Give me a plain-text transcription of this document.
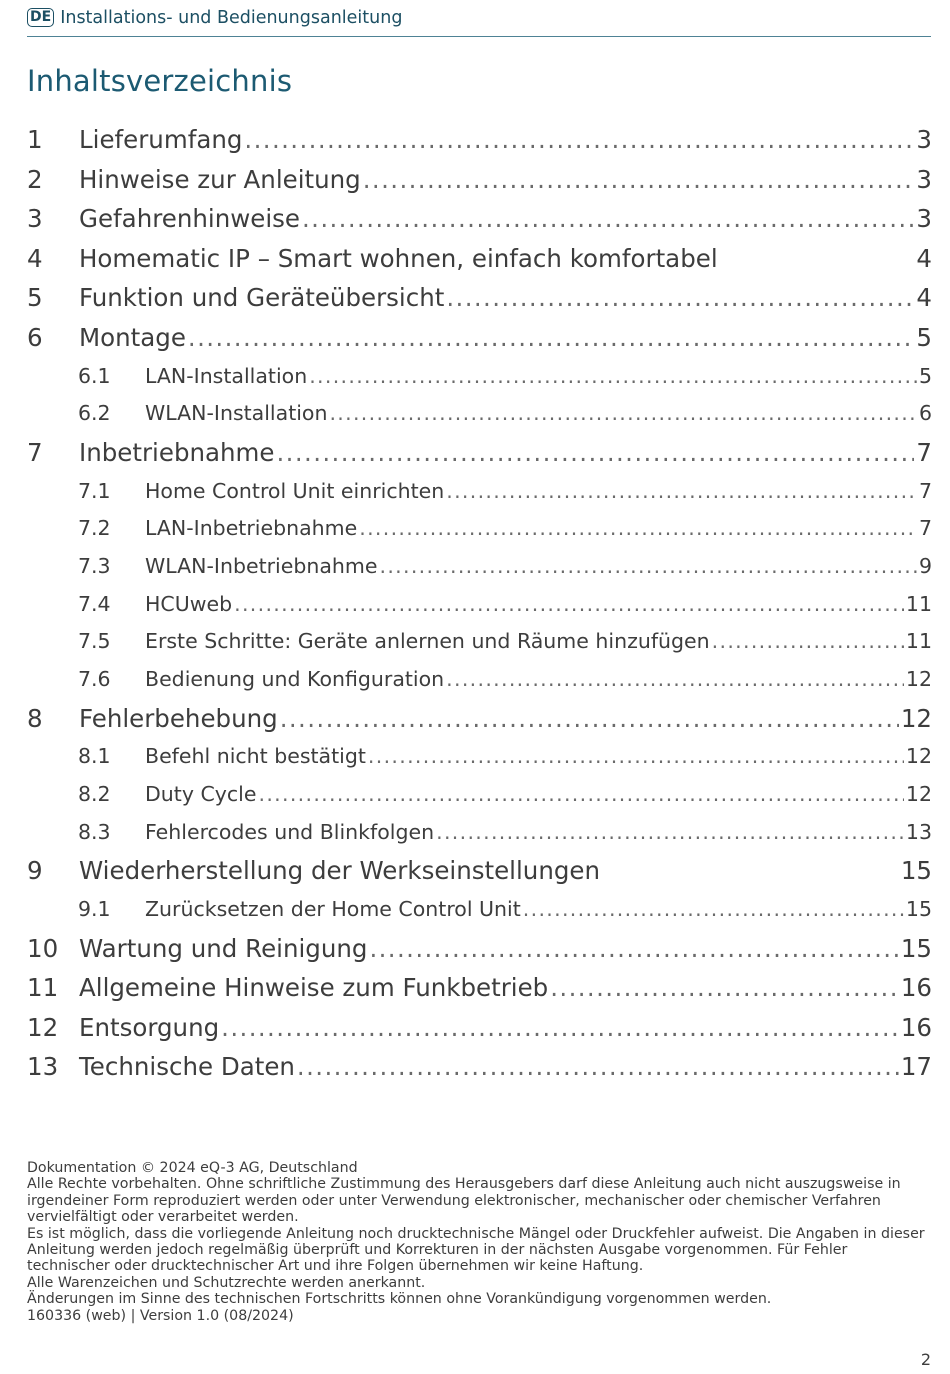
DE Installations- und Bedienungsanleitung
Inhaltsverzeichnis
1	Lieferumfang . . .	3
2	Hinweise zur Anleitung . . .	3
3	Gefahrenhinweise . . .	3
4	Homematic IP – Smart wohnen, einfach komfortabel	4
5	Funktion und Geräteübersicht . . .	4
6	Montage . . .	5
6.1	LAN-Installation . . .	5
6.2	WLAN-Installation . . .	6
7	Inbetriebnahme . . .	7
7.1	Home Control Unit einrichten . . .	7
7.2	LAN-Inbetriebnahme . . .	7
7.3	WLAN-Inbetriebnahme . . .	9
7.4	HCUweb . . .	11
7.5	Erste Schritte: Geräte anlernen und Räume hinzufügen . . .	11
7.6	Bedienung und Konfiguration . . .	12
8	Fehlerbehebung . . .	12
8.1	Befehl nicht bestätigt . . .	12
8.2	Duty Cycle . . .	12
8.3	Fehlercodes und Blinkfolgen . . .	13
9	Wiederherstellung der Werkseinstellungen	15
9.1	Zurücksetzen der Home Control Unit . . .	15
10 Wartung und Reinigung . . .	15
11 Allgemeine Hinweise zum Funkbetrieb . . .	16
12 Entsorgung . . .	16
13 Technische Daten . . .	17

Dokumentation © 2024 eQ-3 AG, Deutschland

Alle Rechte vorbehalten. Ohne schriftliche Zustimmung des Herausgebers darf diese Anleitung auch nicht auszugsweise in irgendeiner Form reproduziert werden oder unter Verwendung elektronischer, mechanischer oder chemischer Verfahren vervielfältigt oder verarbeitet werden.

Es ist möglich, dass die vorliegende Anleitung noch drucktechnische Mängel oder Druckfehler aufweist. Die Angaben in dieser Anleitung werden jedoch regelmäßig überprüft und Korrekturen in der nächsten Ausgabe vorgenommen. Für Fehler technischer oder drucktechnischer Art und ihre Folgen übernehmen wir keine Haftung.

Alle Warenzeichen und Schutzrechte werden anerkannt.

Änderungen im Sinne des technischen Fortschritts können ohne Vorankündigung vorgenommen werden.

160336 (web) | Version 1.0 (08/2024)

2
